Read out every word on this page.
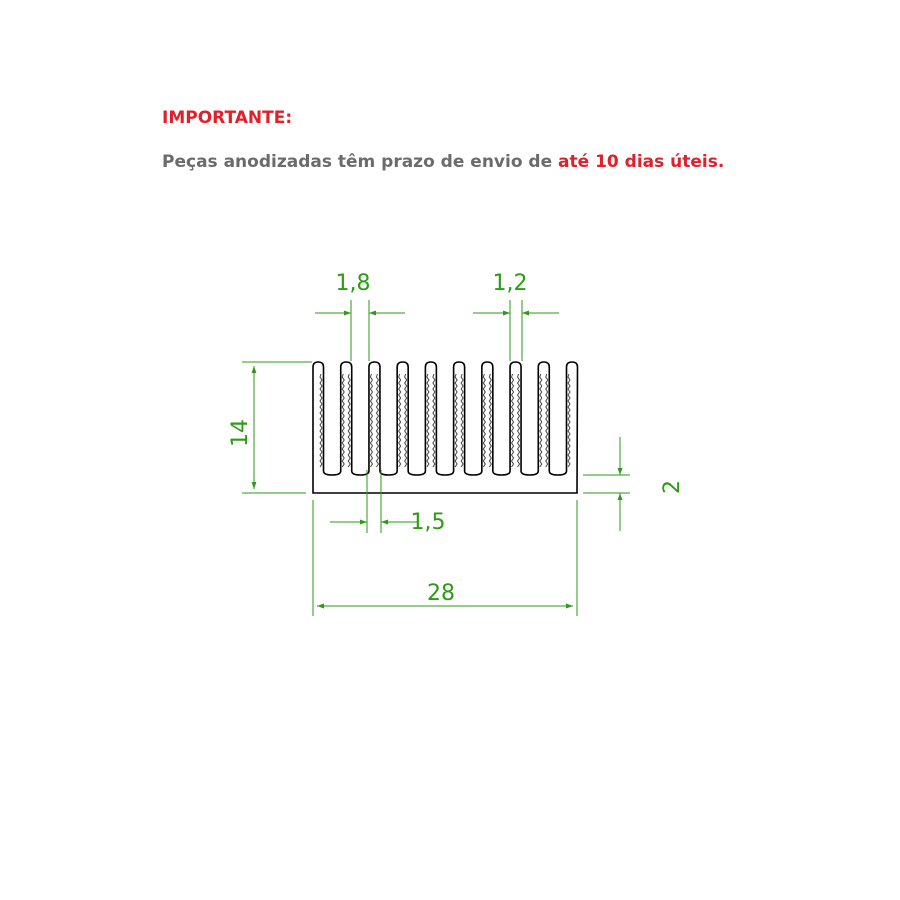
IMPORTANTE:
Peças anodizadas têm prazo de envio de até 10 dias úteis.
1,8	1,2
14
2
1,5
28
